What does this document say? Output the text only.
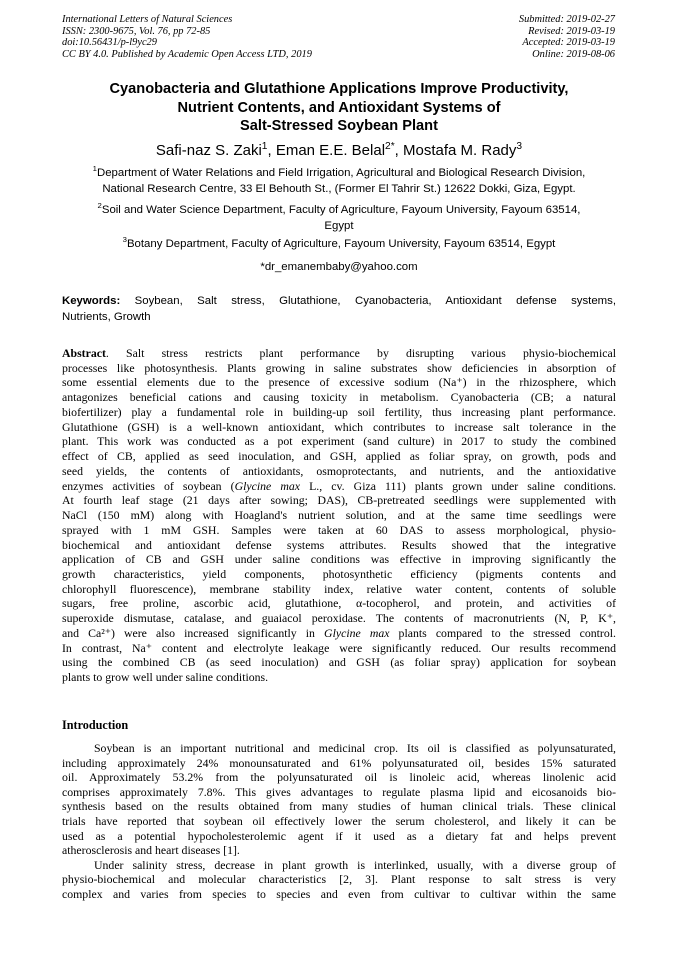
International Letters of Natural Sciences
ISSN: 2300-9675, Vol. 76, pp 72-85
doi:10.56431/p-l9yc29
CC BY 4.0. Published by Academic Open Access LTD, 2019
Submitted: 2019-02-27
Revised: 2019-03-19
Accepted: 2019-03-19
Online: 2019-08-06
Cyanobacteria and Glutathione Applications Improve Productivity,
Nutrient Contents, and Antioxidant Systems of
Salt-Stressed Soybean Plant
Safi-naz S. Zaki$^1$, Eman E.E. Belal$^{2*}$, Mostafa M. Rady$^3$
$^1$Department of Water Relations and Field Irrigation, Agricultural and Biological Research Division,
National Research Centre, 33 El Behouth St., (Former El Tahrir St.) 12622 Dokki, Giza, Egypt.
$^2$Soil and Water Science Department, Faculty of Agriculture, Fayoum University, Fayoum 63514,
Egypt
$^3$Botany Department, Faculty of Agriculture, Fayoum University, Fayoum 63514, Egypt
*dr_emanembaby@yahoo.com
Keywords: Soybean, Salt stress, Glutathione, Cyanobacteria, Antioxidant defense systems,
Nutrients, Growth
Abstract. Salt stress restricts plant performance by disrupting various physio-biochemical
processes like photosynthesis. Plants growing in saline substrates show deficiencies in absorption of
some essential elements due to the presence of excessive sodium (Na⁺) in the rhizosphere, which
antagonizes beneficial cations and causing toxicity in metabolism. Cyanobacteria (CB; a natural
biofertilizer) play a fundamental role in building-up soil fertility, thus increasing plant performance.
Glutathione (GSH) is a well-known antioxidant, which contributes to increase salt tolerance in the
plant. This work was conducted as a pot experiment (sand culture) in 2017 to study the combined
effect of CB, applied as seed inoculation, and GSH, applied as foliar spray, on growth, pods and
seed yields, the contents of antioxidants, osmoprotectants, and nutrients, and the antioxidative
enzymes activities of soybean (Glycine max L., cv. Giza 111) plants grown under saline conditions.
At fourth leaf stage (21 days after sowing; DAS), CB-pretreated seedlings were supplemented with
NaCl (150 mM) along with Hoagland's nutrient solution, and at the same time seedlings were
sprayed with 1 mM GSH. Samples were taken at 60 DAS to assess morphological, physio-
biochemical and antioxidant defense systems attributes. Results showed that the integrative
application of CB and GSH under saline conditions was effective in improving significantly the
growth characteristics, yield components, photosynthetic efficiency (pigments contents and
chlorophyll fluorescence), membrane stability index, relative water content, contents of soluble
sugars, free proline, ascorbic acid, glutathione, α-tocopherol, and protein, and activities of
superoxide dismutase, catalase, and guaiacol peroxidase. The contents of macronutrients (N, P, K⁺,
and Ca²⁺) were also increased significantly in Glycine max plants compared to the stressed control.
In contrast, Na⁺ content and electrolyte leakage were significantly reduced. Our results recommend
using the combined CB (as seed inoculation) and GSH (as foliar spray) application for soybean
plants to grow well under saline conditions.
Introduction
Soybean is an important nutritional and medicinal crop. Its oil is classified as polyunsaturated,
including approximately 24% monounsaturated and 61% polyunsaturated oil, besides 15% saturated
oil. Approximately 53.2% from the polyunsaturated oil is linoleic acid, whereas linolenic acid
comprises approximately 7.8%. This gives advantages to regulate plasma lipid and eicosanoids bio-
synthesis based on the results obtained from many studies of human clinical trials. These clinical
trials have reported that soybean oil effectively lower the serum cholesterol, and likely it can be
used as a potential hypocholesterolemic agent if it used as a dietary fat and helps prevent
atherosclerosis and heart diseases [1].
Under salinity stress, decrease in plant growth is interlinked, usually, with a diverse group of
physio-biochemical and molecular characteristics [2, 3]. Plant response to salt stress is very
complex and varies from species to species and even from cultivar to cultivar within the same
